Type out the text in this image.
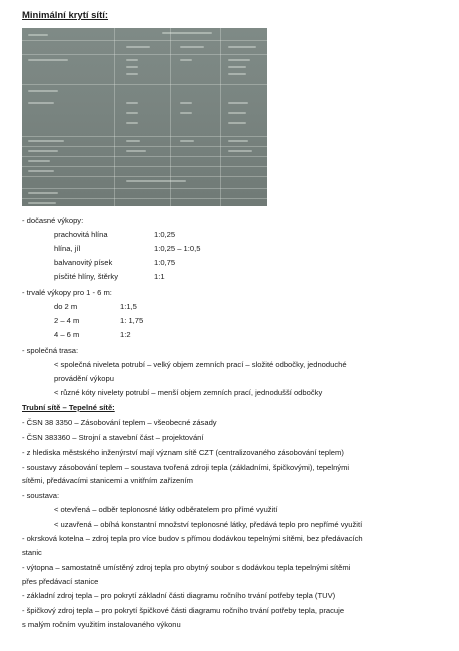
Minimální krytí sítí:
- dočasné výkopy:
prachovitá hlína	1:0,25
hlína, jíl	1:0,25 – 1:0,5
balvanovitý písek	1:0,75
písčité hlíny, štěrky	1:1
- trvalé výkopy pro 1 - 6 m:
do 2 m	1:1,5
2 – 4 m	1: 1,75
4 – 6 m	1:2
- společná trasa:
< společná niveleta potrubí – velký objem zemních prací – složité odbočky, jednoduché
provádění výkopu
< různé kóty nivelety potrubí – menší objem zemních prací, jednodušší odbočky
Trubní sítě – Tepelné sítě:
- ČSN 38 3350 – Zásobování teplem – všeobecné zásady
- ČSN 383360 – Strojní a stavební část – projektování
- z hlediska městského inženýrství mají význam sítě CZT (centralizovaného zásobování teplem)
- soustavy zásobování teplem – soustava tvořená zdroji tepla (základními, špičkovými), tepelnými
sítěmi, předávacími stanicemi a vnitřním zařízením
- soustava:
< otevřená – odběr teplonosné látky odběratelem pro přímé využití
< uzavřená – obíhá konstantní množství teplonosné látky, předává teplo pro nepřímé využití
- okrsková kotelna – zdroj tepla pro více budov s přímou dodávkou tepelnými sítěmi, bez předávacích
stanic
- výtopna – samostatně umístěný zdroj tepla pro obytný soubor s dodávkou tepla tepelnými sítěmi
přes předávací stanice
- základní zdroj tepla – pro pokrytí základní části diagramu ročního trvání potřeby tepla (TUV)
- špičkový zdroj tepla – pro pokrytí špičkové části diagramu ročního trvání potřeby tepla, pracuje
s malým ročním využitím instalovaného výkonu
